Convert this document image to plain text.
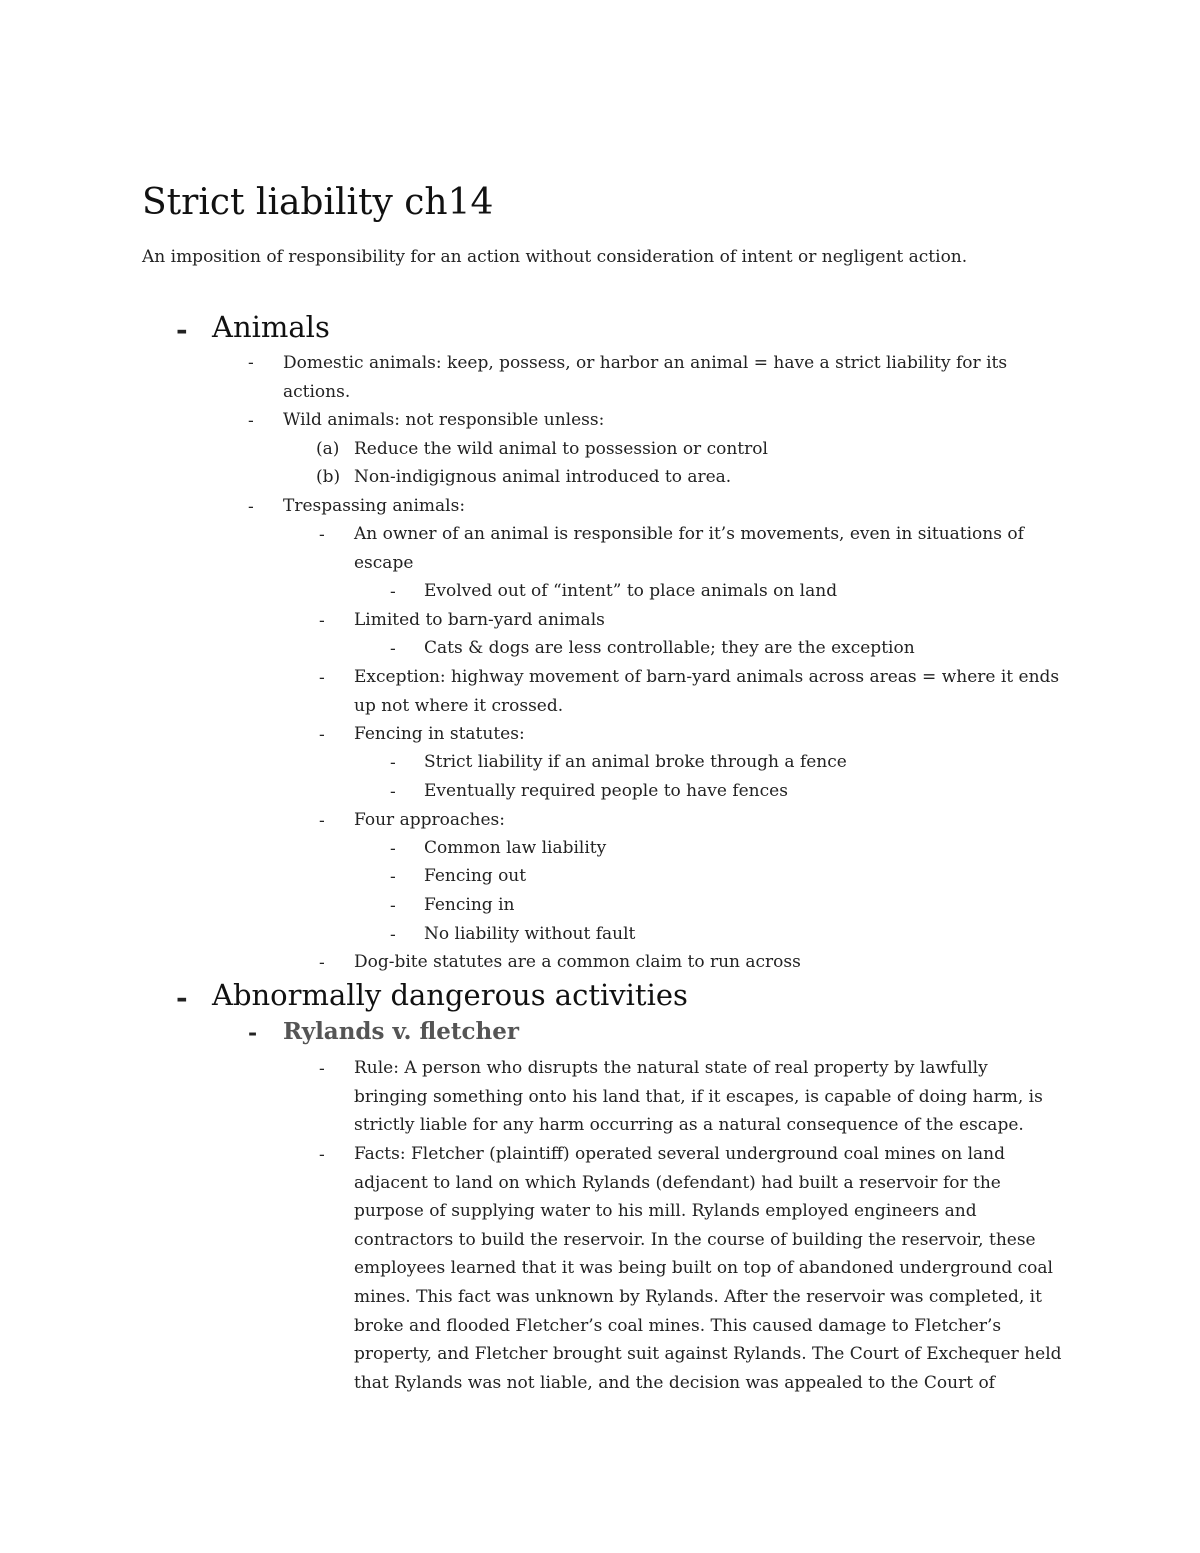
Strict liability ch14
An imposition of responsibility for an action without consideration of intent or negligent action.
- Animals
- Domestic animals: keep, possess, or harbor an animal = have a strict liability for its actions.
- Wild animals: not responsible unless:
(a) Reduce the wild animal to possession or control
(b) Non-indigignous animal introduced to area.
- Trespassing animals:
- An owner of an animal is responsible for it’s movements, even in situations of escape
- Evolved out of “intent” to place animals on land
- Limited to barn-yard animals
- Cats & dogs are less controllable; they are the exception
- Exception: highway movement of barn-yard animals across areas = where it ends up not where it crossed.
- Fencing in statutes:
- Strict liability if an animal broke through a fence
- Eventually required people to have fences
- Four approaches:
- Common law liability
- Fencing out
- Fencing in
- No liability without fault
- Dog-bite statutes are a common claim to run across
- Abnormally dangerous activities
- Rylands v. fletcher
- Rule: A person who disrupts the natural state of real property by lawfully bringing something onto his land that, if it escapes, is capable of doing harm, is strictly liable for any harm occurring as a natural consequence of the escape.
- Facts: Fletcher (plaintiff) operated several underground coal mines on land adjacent to land on which Rylands (defendant) had built a reservoir for the purpose of supplying water to his mill. Rylands employed engineers and contractors to build the reservoir. In the course of building the reservoir, these employees learned that it was being built on top of abandoned underground coal mines. This fact was unknown by Rylands. After the reservoir was completed, it broke and flooded Fletcher’s coal mines. This caused damage to Fletcher’s property, and Fletcher brought suit against Rylands. The Court of Exchequer held that Rylands was not liable, and the decision was appealed to the Court of
